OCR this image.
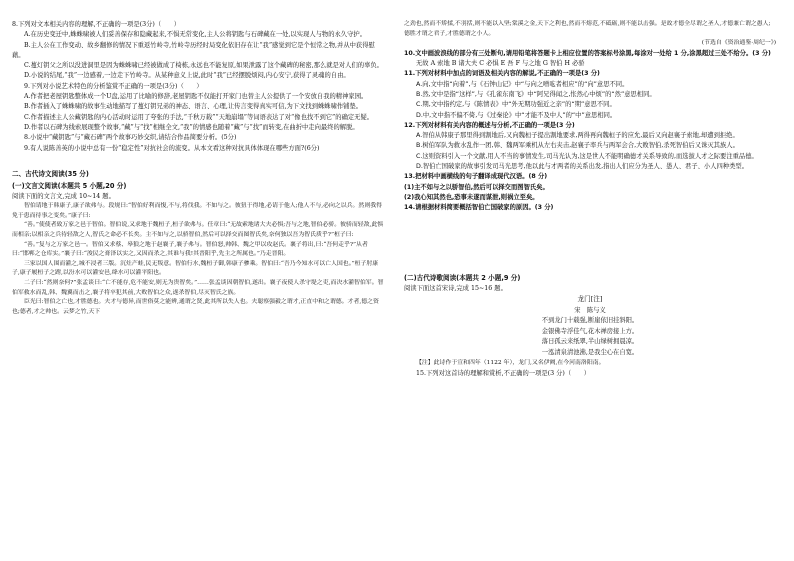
8.下列对文本相关内容的理解,不正确的一项是(3分)（　　）

A.在历史变迁中,蛛蛛啸被人们妥善保存和隐藏起来,不惧无常变化,主人公将钥匙与石碑藏在一处,以实现人与物的永久守护。

B.主人公在工作变动、故乡翻修的情况下重返竹岭寺,竹岭寺历经时局变化依旧存在让“我”感觉到它是个恒常之物,并从中获得慰藉。

C.蔓灯钥父之所以没进洞里是因为蛛蛛啸已经被做成了椅栋,永远也不能复原,如果泄露了这个藏碑的秘密,那么就是对人们的辜负。

D.小说的结尾,“我”一边感着,一边走下竹岭寺。从某种意义上说,此时“我”已经摆脱烦闷,内心安宁,获得了灵魂的自由。

9.下列对小说艺术特色的分析鉴赏不正确的一项是(3分)（　　）

A.作者把老屋钥匙整体成一个U盘,运用了比喻的修辞,老屋钥匙不仅能打开家门也替主人公提供了一个安放自我的精神家园。

B.作者插入了蛛蛛啸的故事生动地描写了蔓灯钥兄弟的神态、语言、心理,让传言变得真实可信,为下文找到蛛蛛啸作铺垫。

C.作者描述主人公藏钥匙的内心活动时运用了夸张的手法,“千秋万载”“天地崩塌”等词语表达了对“像也找不到它”的确定无疑。

D.作者以石碑为线索展现整个故事,“藏”与“找”相继全文,“我”的情感也随着“藏”与“找”而转变,在曲折中走向最终的解脱。

8.小说中“藏钥匙”与“藏石碑”两个故事巧妙交织,请结合作品简要分析。(5分)

9.有人说陈善英的小说中总有一份“稳定性”对抗社会的流变。从本文看这种对抗具体体现在哪些方面?(6分)

二、古代诗文阅读(35 分)
(一)文言文阅读(本题共 5 小题,20 分)

阅读下面的文言文,完成 10~14 题。

智伯请地于韩康子,康子欲弗与。段规曰:“智伯好利而愎,不与,将伐我。不如与之。彼狃于得地,必请于他人;他人不与,必向之以兵。然则我得免于患而待事之变矣。”康子曰:

“善。”使使者致万家之邑于智伯。智伯说,又求地于魏桓子,桓子欲弗与。任章曰:“无故索地诸大夫必惧;吾与之地,智伯必骄。彼骄而轻敌,此惧而相亲;以相亲之兵待轻敌之人,智氏之命必不长矣。主不如与之,以骄智伯,然后可以择交而图智氏矣,奈何独以吾为智氏质乎?”桓子曰:

“善。”复与之万家之邑一。智伯又求蔡、皋狼之地于赵襄子,襄子弗与。智伯怒,帅韩、魏之甲以攻赵氏。襄子将出,曰:“吾何走乎?”从者曰:“邯郸之仓库实。”襄子曰:“浚民之膏泽以实之,又因而杀之,其谁与我!其晋阳乎,先主之所属也。”乃走晋阳。

三家以国人围而灌之,城不浸者三版。沉灶产蛙,民无叛意。智伯行水,魏桓子御,韩康子骖乘。智伯曰:“吾乃今知水可以亡人国也。”桓子肘康子,康子履桓子之跗,以汾水可以灌安邑,绛水可以灌平阳也。

二子曰:“然则奈何?”张孟谈曰:“亡不能存,危不能安,则无为贵智矣。”……张孟谈因朝智伯,遂出。襄子夜使人杀守堤之吏,而决水灌智伯军。智伯军救水而乱,韩、魏翼而击之,襄子将卒犯其前,大败智伯之众,遂杀智伯,尽灭智氏之族。

臣光曰:智伯之亡也,才胜德也。夫才与德异,而世俗莫之能辨,通谓之贤,此其所以失人也。夫聪察强毅之谓才,正直中和之谓德。才者,德之资也;德者,才之帅也。云梦之竹,天下

之劲也,然而不矫揉,不羽括,则不能以入坚;棠溪之金,天下之利也,然而不熔范,不砥砺,则不能以击强。是故才德全尽谓之圣人,才德兼亡谓之愚人;德胜才谓之君子,才胜德谓之小人。

(节选自《资治通鉴·周纪一》)

10.文中画波浪线的部分有三处断句,请用铅笔将答题卡上相应位置的答案标号涂黑,每涂对一处给 1 分,涂黑超过三处不给分。(3 分)

无故 A 索地 B 诸大夫 C 必惧 E 吾 F 与之地 G 智伯 H 必骄

11.下列对材料中加点的词语及相关内容的解说,不正确的一项是(3 分)

A.向,文中指“向着”,与《石钟山记》中“与向之噌吰者相应”的“向”意思不同。

B.然,文中是指“这样”,与《孔雀东南飞》中“阿兄得闻之,怅然心中烦”的“然”意思相同。

C.期,文中指约定,与《陈情表》中“外无期功强近之亲”的“期”意思不同。

D.中,文中指不偏不倚,与《过秦论》中“才能不及中人”的“中”意思相同。

12.下列对材料有关内容的概述与分析,不正确的一项是(3 分)

A.智伯从韩康子那里得到割地后,又向魏桓子提出割地要求,两得再向魏桓子的应允,最后又向赵襄子索地,却遭到拒绝。

B.树伯军队为救水乱作一团,韩、魏两军乘机从左右夹击,赵襄子率兵与两军会合,大败智伯,杀死智伯后又诛灭其族人。

C.这则资料引入一个文献,用人不当的事情发生,司马光认为,这是世人不能明确德才关系导致的,而选拔人才之际要注重品德。

D.智伯亡国破家的故事引发司马光思考,他以此与才两者的关系出发,指出人们应分为圣人、愚人、君子、小人四种类型。

13.把材料中画横线的句子翻译成现代汉语。(8 分)

(1)主不如与之以骄智伯,然后可以择交而图智氏矣。

(2)我心知其然也,恐事未遂而谋泄,则祸立至矣。

14.请根据材料简要概括智伯亡国破家的原因。(3 分)

(二)古代诗歌阅读(本题共 2 小题,9 分)

阅读下面这首宋诗,完成 15~16 题。

龙门[注]
宋　陈与义
不到龙门十载强,断崖依旧挂斜阳。
金银佛寺浮佳气,花木禅房接上方。
落日孤云来纸翠,半山绿树拥晨凉。
一泓清泉清池沸,是我尘心在自宽。

【注】此诗作于宣和四年（1122 年），龙门,又名伊阙,在今河南洛阳南。

15.下列对这首诗的理解和赏析,不正确的一项是(3 分)（　　）
